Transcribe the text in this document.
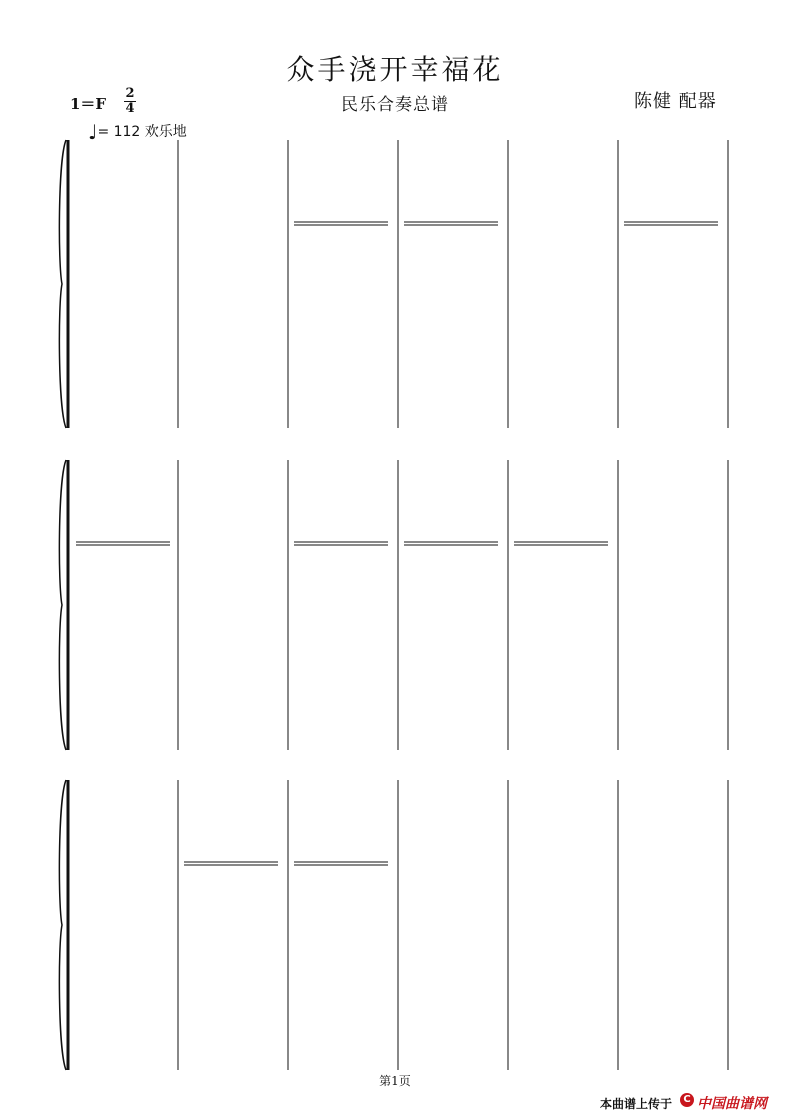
众手浇开幸福花
民乐合奏总谱	陈健 配器
1＝F
2
4
♩= 112 欢乐地
第1页
本曲谱上传于	C 中国曲谱网
